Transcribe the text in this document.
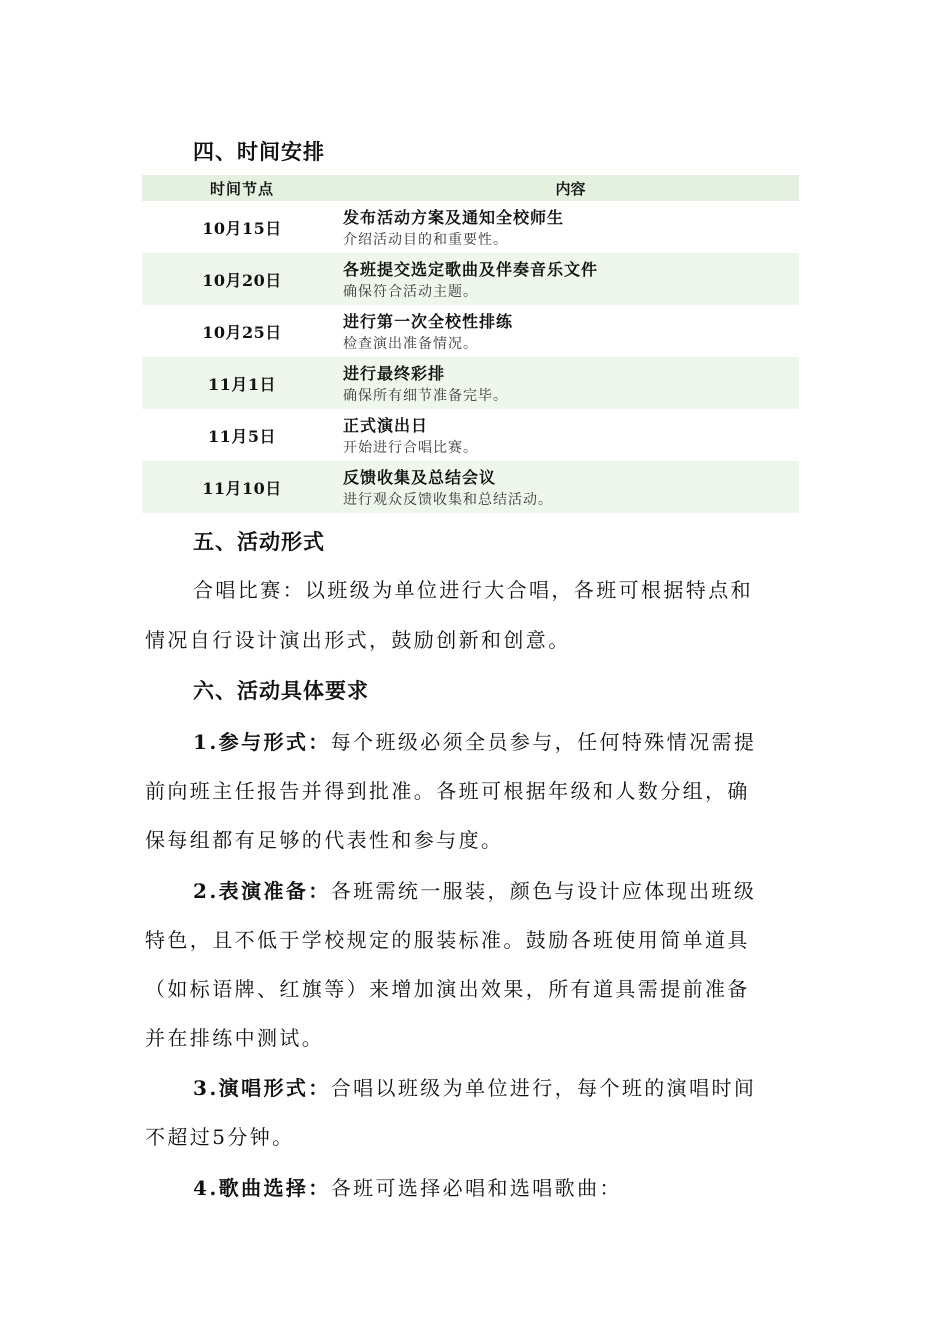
四、时间安排
时间节点	内容
10月15日
发布活动方案及通知全校师生
介绍活动目的和重要性。
10月20日
各班提交选定歌曲及伴奏音乐文件
确保符合活动主题。
10月25日
进行第一次全校性排练
检查演出准备情况。
11月1日
进行最终彩排
确保所有细节准备完毕。
11月5日
正式演出日
开始进行合唱比赛。
11月10日
反馈收集及总结会议
进行观众反馈收集和总结活动。
五、活动形式
合唱比赛：以班级为单位进行大合唱，各班可根据特点和
情况自行设计演出形式，鼓励创新和创意。
六、活动具体要求
1.参与形式：每个班级必须全员参与，任何特殊情况需提
前向班主任报告并得到批准。各班可根据年级和人数分组，确
保每组都有足够的代表性和参与度。
2.表演准备：各班需统一服装，颜色与设计应体现出班级
特色，且不低于学校规定的服装标准。鼓励各班使用简单道具
（如标语牌、红旗等）来增加演出效果，所有道具需提前准备
并在排练中测试。
3.演唱形式：合唱以班级为单位进行，每个班的演唱时间
不超过5分钟。
4.歌曲选择：各班可选择必唱和选唱歌曲：
